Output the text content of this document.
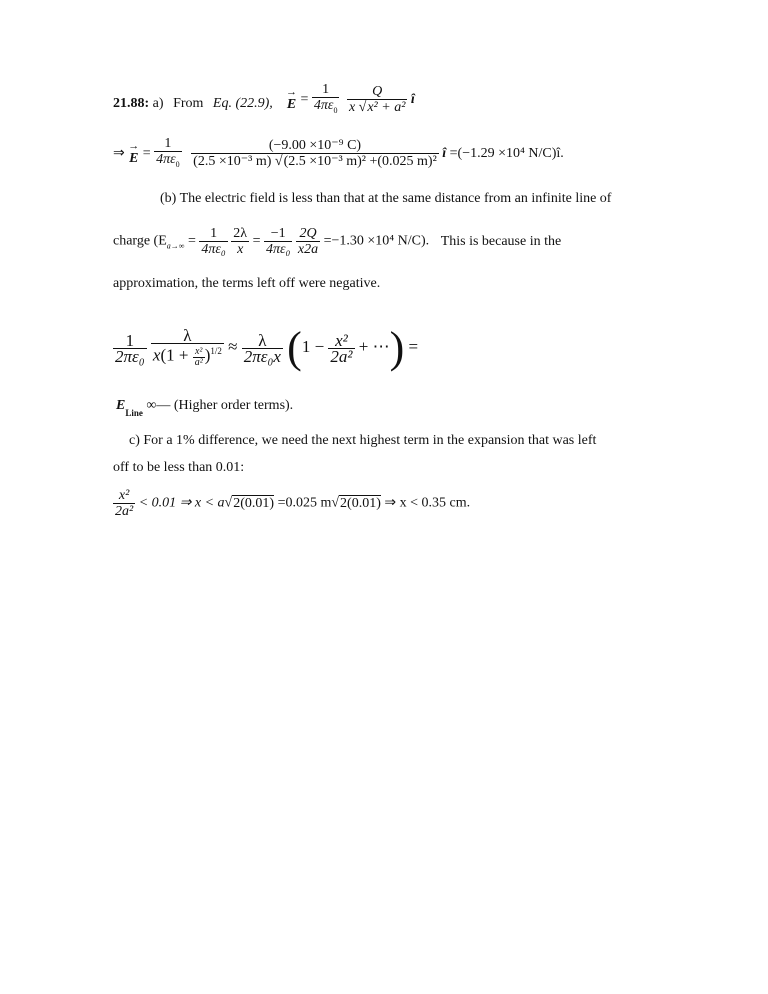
21.88: a) From Eq. (22.9),
→
$E = \frac{1}{4\pi\varepsilon_0}$
$\frac{Q}{\text{x √x² + a²}}$ î
⇒
→
$E = \frac{1}{4\pi\varepsilon_0}$
$\frac{\text{(−9.00 ×10⁻⁹ C)}}{\text{(2.5 ×10⁻³ m) √(2.5 ×10⁻³ m)² +(0.025 m)²}}$ î =(−1.29 ×10⁴ N/C)î.
(b) The electric field is less than that at the same distance from an infinite line of
charge ($E_{a\to\infty} = \frac{1}{\text{4πε₀}}$
$\frac{2\lambda}{x} = \frac{-1}{\text{4πε₀}}$
$\frac{2Q}{x2a} =-1.30 \times 10^4$ N/C). This is because in the
approximation, the terms left off were negative.
$\frac{1}{\text{2πε₀}}$
$\frac{\lambda}{x(1 + \frac{\text{x²}}{\text{a²}} )^{1/2}} \approx \frac{\lambda}{\text{2πε₀x}} (1 - \frac{\text{x²}}{\text{2a²}}$ + ⋯) =
$E_{Line}$ ∞— (Higher order terms).
c) For a 1% difference, we need the next highest term in the expansion that was left
off to be less than 0.01:
$\frac{\text{x²}}{\text{2a²}} < 0.01$ ⇒ x < a√2(0.01) =0.025 m√2(0.01) ⇒ x < 0.35 cm.
